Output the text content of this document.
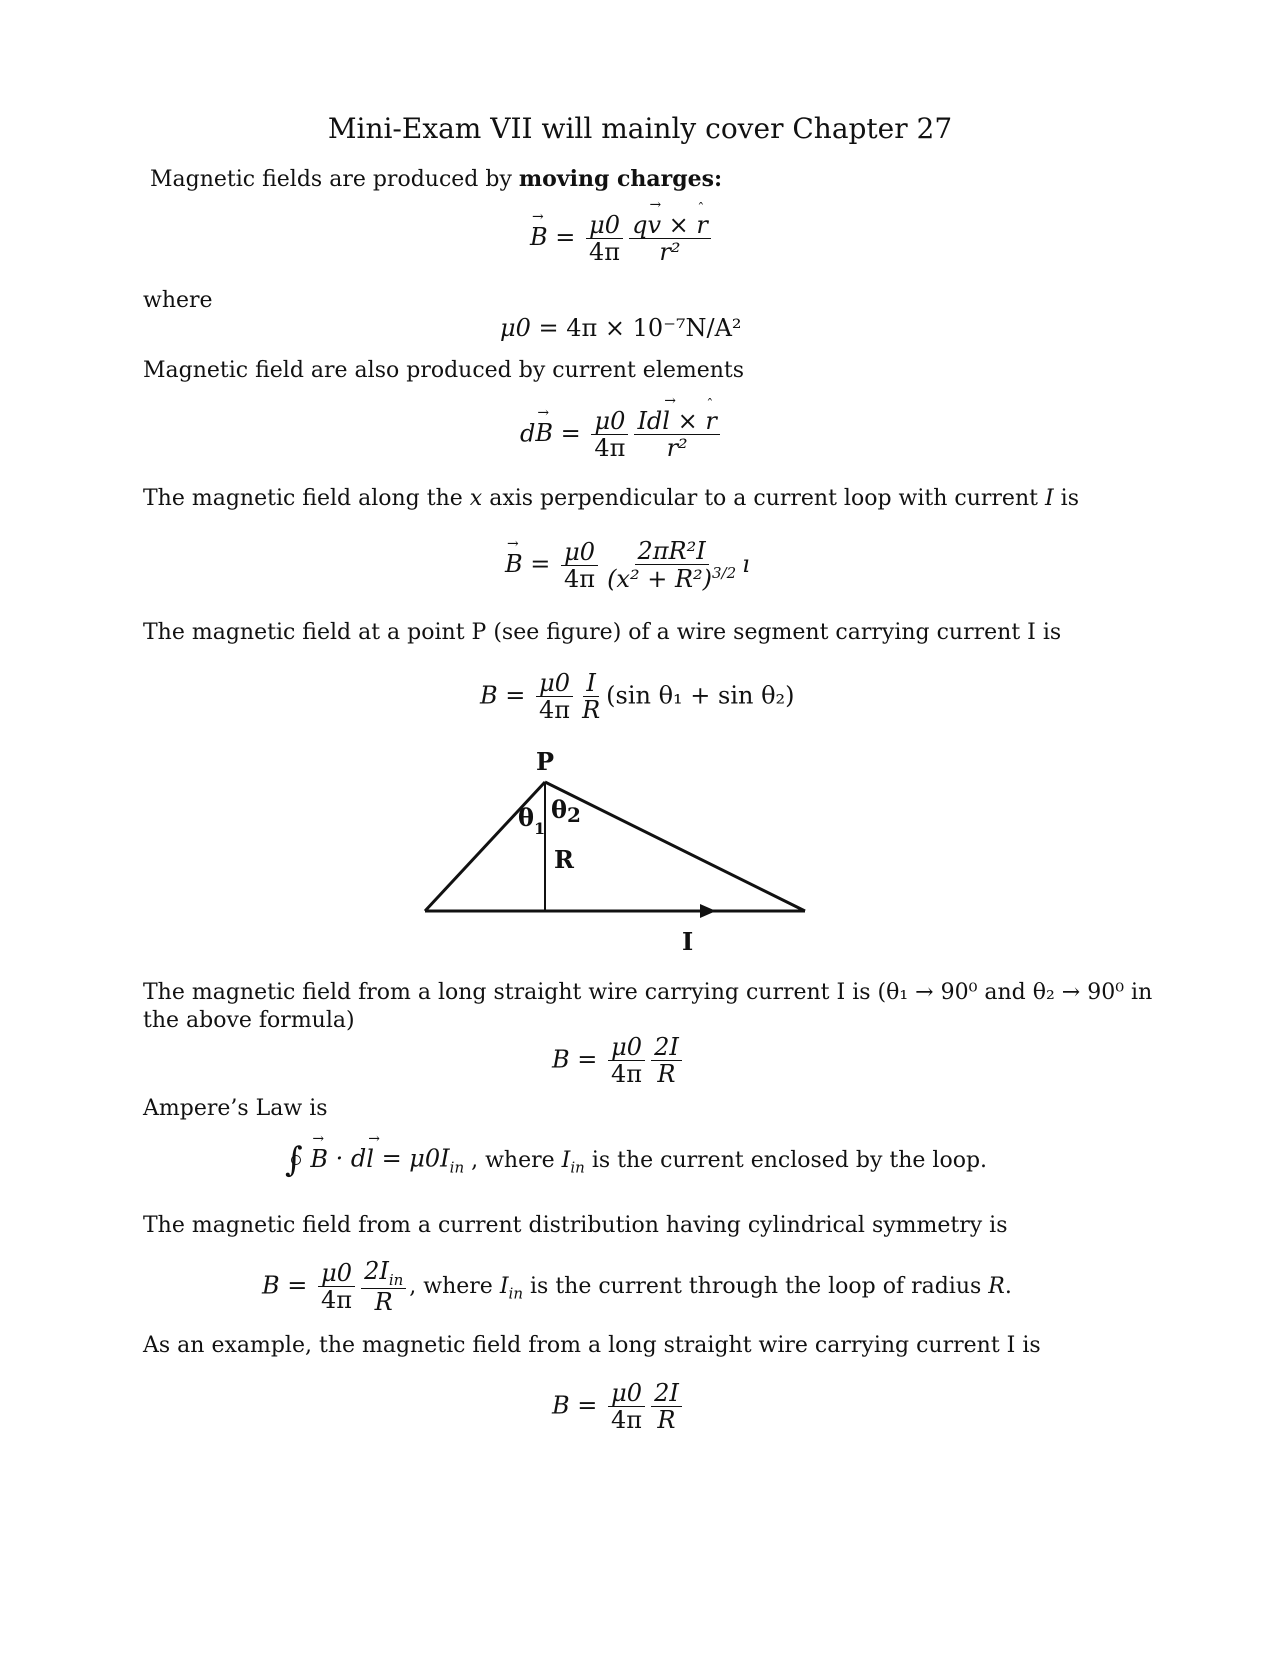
Mini-Exam VII will mainly cover Chapter 27
Magnetic fields are produced by moving charges:
→ $B = \frac{\mu 0}{4\pi} \frac{\text{q→ v × ˆ r}}{\text{r²}}$
where
μ0 = 4π × 10⁻⁷N/A²
Magnetic field are also produced by current elements
$d\to B = \frac{\mu 0}{4\pi} \frac{\text{Id→ l × ˆ r}}{\text{r²}}$
The magnetic field along the x axis perpendicular to a current loop with current I is
→ $B = \frac{\mu 0}{4\pi} \frac{\text{2πR²I}}{(x^2 + R^2)^{3/2}}$ ı
The magnetic field at a point P (see figure) of a wire segment carrying current I is
$B = \frac{\mu 0}{4\pi} \frac{I}{R} (\sin$ θ₁ + sin θ₂)
P
$\theta_1$
θ2
R
I
The magnetic field from a long straight wire carrying current I is (θ₁ → 90⁰ and θ₂ → 90⁰ in
the above formula)
$B = \frac{\mu 0}{4\pi} \frac{2I}{R}$
Ampere’s Law is
∫ → $B \cdot d\to l = \mu 0I_{in}$ , where $I_{in}$ is the current enclosed by the loop.
The magnetic field from a current distribution having cylindrical symmetry is
$B = \frac{\mu 0}{4\pi} \frac{2I_{in}}{R}$ , where $I_{in}$ is the current through the loop of radius R.
As an example, the magnetic field from a long straight wire carrying current I is
$B = \frac{\mu 0}{4\pi} \frac{2I}{R}$
